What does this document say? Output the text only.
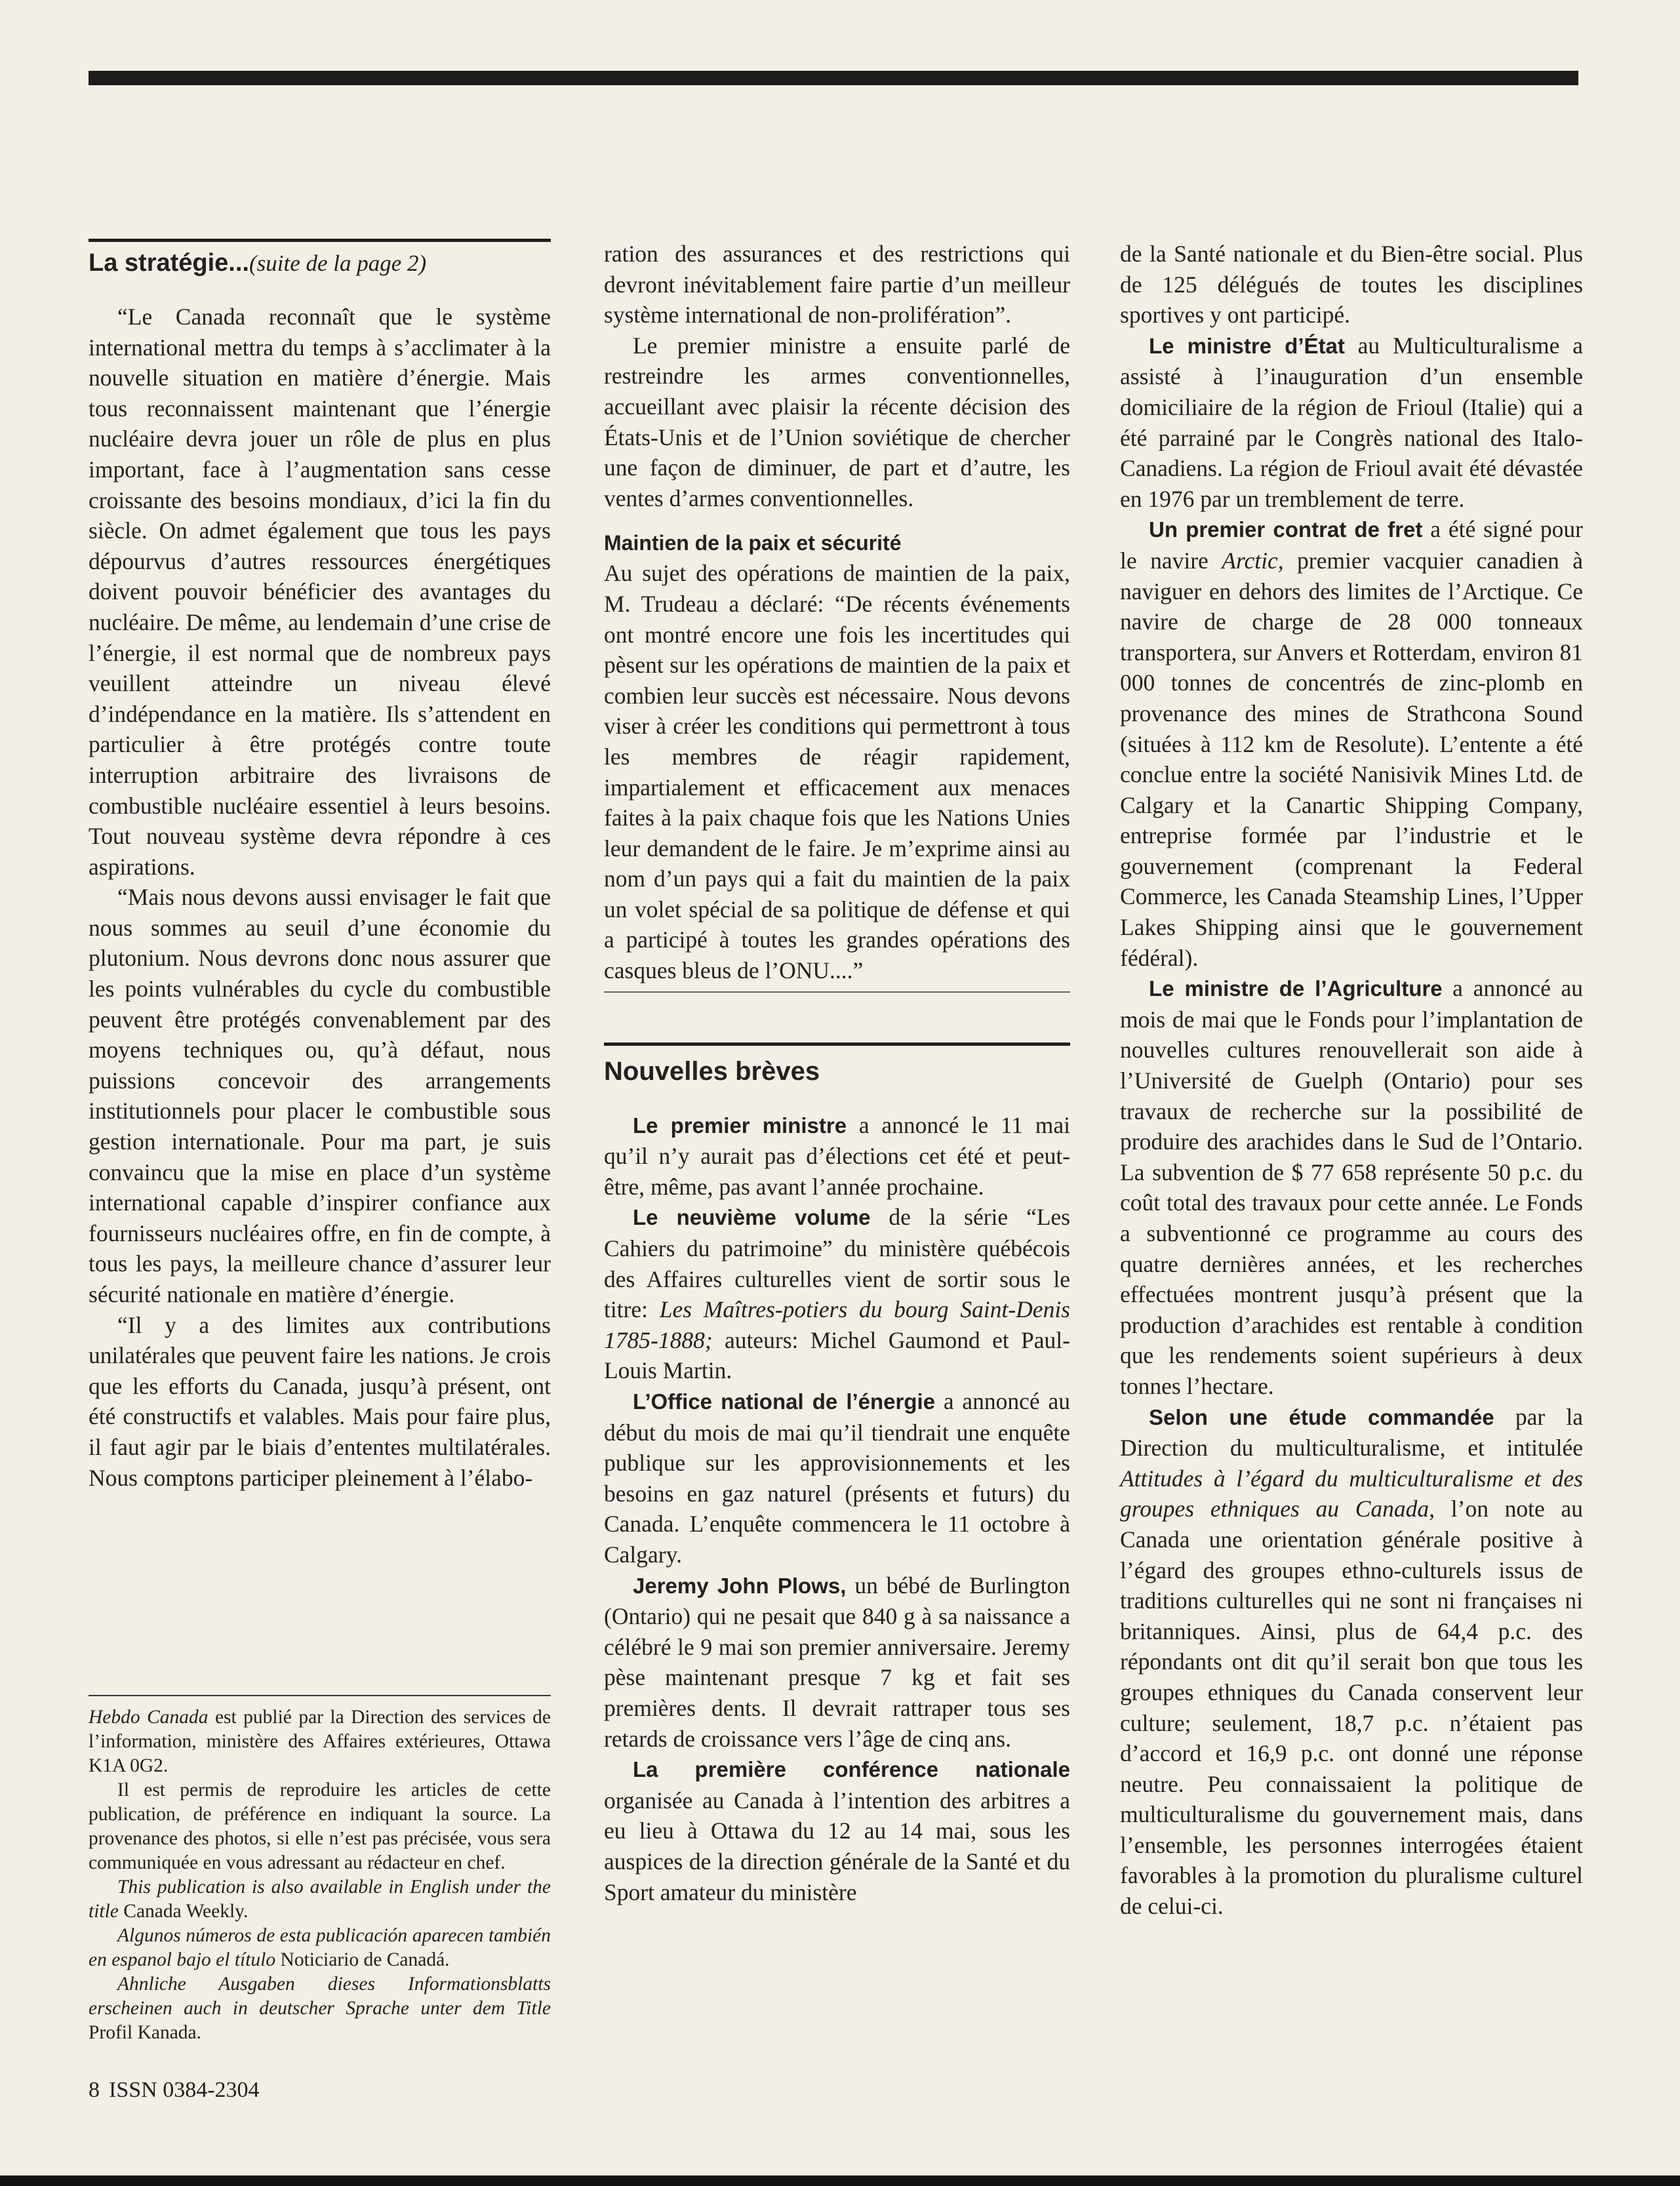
La stratégie...(suite de la page 2)

“Le Canada reconnaît que le système international mettra du temps à s’acclimater à la nouvelle situation en matière d’énergie. Mais tous reconnaissent maintenant que l’énergie nucléaire devra jouer un rôle de plus en plus important, face à l’augmentation sans cesse croissante des besoins mondiaux, d’ici la fin du siècle. On admet également que tous les pays dépourvus d’autres ressources énergétiques doivent pouvoir bénéficier des avantages du nucléaire. De même, au lendemain d’une crise de l’énergie, il est normal que de nombreux pays veuillent atteindre un niveau élevé d’indépendance en la matière. Ils s’attendent en particulier à être protégés contre toute interruption arbitraire des livraisons de combustible nucléaire essentiel à leurs besoins. Tout nouveau système devra répondre à ces aspirations.

“Mais nous devons aussi envisager le fait que nous sommes au seuil d’une économie du plutonium. Nous devrons donc nous assurer que les points vulnérables du cycle du combustible peuvent être protégés convenablement par des moyens techniques ou, qu’à défaut, nous puissions concevoir des arrangements institutionnels pour placer le combustible sous gestion internationale. Pour ma part, je suis convaincu que la mise en place d’un système international capable d’inspirer confiance aux fournisseurs nucléaires offre, en fin de compte, à tous les pays, la meilleure chance d’assurer leur sécurité nationale en matière d’énergie.

“Il y a des limites aux contributions unilatérales que peuvent faire les nations. Je crois que les efforts du Canada, jusqu’à présent, ont été constructifs et valables. Mais pour faire plus, il faut agir par le biais d’ententes multilatérales. Nous comptons participer pleinement à l’élabo-

Hebdo Canada est publié par la Direction des services de l’information, ministère des Affaires extérieures, Ottawa K1A 0G2.

Il est permis de reproduire les articles de cette publication, de préférence en indiquant la source. La provenance des photos, si elle n’est pas précisée, vous sera communiquée en vous adressant au rédacteur en chef.

This publication is also available in English under the title Canada Weekly.

Algunos números de esta publicación aparecen también en espanol bajo el título Noticiario de Canadá.

Ahnliche Ausgaben dieses Informationsblatts erscheinen auch in deutscher Sprache unter dem Title Profil Kanada.

8 ISSN 0384-2304

ration des assurances et des restrictions qui devront inévitablement faire partie d’un meilleur système international de non-prolifération”.

Le premier ministre a ensuite parlé de restreindre les armes conventionnelles, accueillant avec plaisir la récente décision des États-Unis et de l’Union soviétique de chercher une façon de diminuer, de part et d’autre, les ventes d’armes conventionnelles.

Maintien de la paix et sécurité

Au sujet des opérations de maintien de la paix, M. Trudeau a déclaré: “De récents événements ont montré encore une fois les incertitudes qui pèsent sur les opérations de maintien de la paix et combien leur succès est nécessaire. Nous devons viser à créer les conditions qui permettront à tous les membres de réagir rapidement, impartialement et efficacement aux menaces faites à la paix chaque fois que les Nations Unies leur demandent de le faire. Je m’exprime ainsi au nom d’un pays qui a fait du maintien de la paix un volet spécial de sa politique de défense et qui a participé à toutes les grandes opérations des casques bleus de l’ONU....”

Nouvelles brèves

Le premier ministre a annoncé le 11 mai qu’il n’y aurait pas d’élections cet été et peut-être, même, pas avant l’année prochaine.

Le neuvième volume de la série “Les Cahiers du patrimoine” du ministère québécois des Affaires culturelles vient de sortir sous le titre: Les Maîtres-potiers du bourg Saint-Denis 1785-1888; auteurs: Michel Gaumond et Paul-Louis Martin.

L’Office national de l’énergie a annoncé au début du mois de mai qu’il tiendrait une enquête publique sur les approvisionnements et les besoins en gaz naturel (présents et futurs) du Canada. L’enquête commencera le 11 octobre à Calgary.

Jeremy John Plows, un bébé de Burlington (Ontario) qui ne pesait que 840 g à sa naissance a célébré le 9 mai son premier anniversaire. Jeremy pèse maintenant presque 7 kg et fait ses premières dents. Il devrait rattraper tous ses retards de croissance vers l’âge de cinq ans.

La première conférence nationale organisée au Canada à l’intention des arbitres a eu lieu à Ottawa du 12 au 14 mai, sous les auspices de la direction générale de la Santé et du Sport amateur du ministère

de la Santé nationale et du Bien-être social. Plus de 125 délégués de toutes les disciplines sportives y ont participé.

Le ministre d’État au Multiculturalisme a assisté à l’inauguration d’un ensemble domiciliaire de la région de Frioul (Italie) qui a été parrainé par le Congrès national des Italo-Canadiens. La région de Frioul avait été dévastée en 1976 par un tremblement de terre.

Un premier contrat de fret a été signé pour le navire Arctic, premier vacquier canadien à naviguer en dehors des limites de l’Arctique. Ce navire de charge de 28 000 tonneaux transportera, sur Anvers et Rotterdam, environ 81 000 tonnes de concentrés de zinc-plomb en provenance des mines de Strathcona Sound (situées à 112 km de Resolute). L’entente a été conclue entre la société Nanisivik Mines Ltd. de Calgary et la Canartic Shipping Company, entreprise formée par l’industrie et le gouvernement (comprenant la Federal Commerce, les Canada Steamship Lines, l’Upper Lakes Shipping ainsi que le gouvernement fédéral).

Le ministre de l’Agriculture a annoncé au mois de mai que le Fonds pour l’implantation de nouvelles cultures renouvellerait son aide à l’Université de Guelph (Ontario) pour ses travaux de recherche sur la possibilité de produire des arachides dans le Sud de l’Ontario. La subvention de $ 77 658 représente 50 p.c. du coût total des travaux pour cette année. Le Fonds a subventionné ce programme au cours des quatre dernières années, et les recherches effectuées montrent jusqu’à présent que la production d’arachides est rentable à condition que les rendements soient supérieurs à deux tonnes l’hectare.

Selon une étude commandée par la Direction du multiculturalisme, et intitulée Attitudes à l’égard du multiculturalisme et des groupes ethniques au Canada, l’on note au Canada une orientation générale positive à l’égard des groupes ethno-culturels issus de traditions culturelles qui ne sont ni françaises ni britanniques. Ainsi, plus de 64,4 p.c. des répondants ont dit qu’il serait bon que tous les groupes ethniques du Canada conservent leur culture; seulement, 18,7 p.c. n’étaient pas d’accord et 16,9 p.c. ont donné une réponse neutre. Peu connaissaient la politique de multiculturalisme du gouvernement mais, dans l’ensemble, les personnes interrogées étaient favorables à la promotion du pluralisme culturel de celui-ci.
